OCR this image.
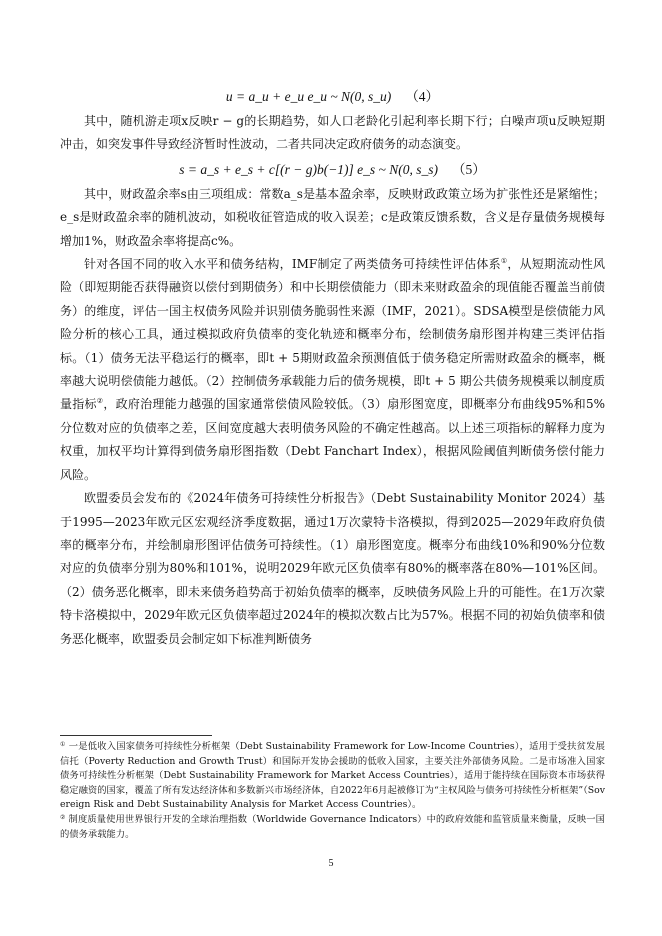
u = a_u + e_u e_u ~ N(0, s_u) （4）

其中，随机游走项x反映r − g的长期趋势，如人口老龄化引起利率长期下行；白噪声项u反映短期冲击，如突发事件导致经济暂时性波动，二者共同决定政府债务的动态演变。

s = a_s + e_s + c[(r − g)b(−1)] e_s ~ N(0, s_s) （5）

其中，财政盈余率s由三项组成：常数a_s是基本盈余率，反映财政政策立场为扩张性还是紧缩性；e_s是财政盈余率的随机波动，如税收征管造成的收入误差；c是政策反馈系数，含义是存量债务规模每增加1%，财政盈余率将提高c%。

针对各国不同的收入水平和债务结构，IMF制定了两类债务可持续性评估体系①，从短期流动性风险（即短期能否获得融资以偿付到期债务）和中长期偿债能力（即未来财政盈余的现值能否覆盖当前债务）的维度，评估一国主权债务风险并识别债务脆弱性来源（IMF，2021）。SDSA模型是偿债能力风险分析的核心工具，通过模拟政府负债率的变化轨迹和概率分布，绘制债务扇形图并构建三类评估指标。（1）债务无法平稳运行的概率，即t + 5期财政盈余预测值低于债务稳定所需财政盈余的概率，概率越大说明偿债能力越低。（2）控制债务承载能力后的债务规模，即t + 5 期公共债务规模乘以制度质量指标②，政府治理能力越强的国家通常偿债风险较低。（3）扇形图宽度，即概率分布曲线95%和5%分位数对应的负债率之差，区间宽度越大表明债务风险的不确定性越高。以上述三项指标的解释力度为权重，加权平均计算得到债务扇形图指数（Debt Fanchart Index），根据风险阈值判断债务偿付能力风险。

欧盟委员会发布的《2024年债务可持续性分析报告》（Debt Sustainability Monitor 2024）基于1995—2023年欧元区宏观经济季度数据，通过1万次蒙特卡洛模拟，得到2025—2029年政府负债率的概率分布，并绘制扇形图评估债务可持续性。（1）扇形图宽度。概率分布曲线10%和90%分位数对应的负债率分别为80%和101%，说明2029年欧元区负债率有80%的概率落在80%—101%区间。（2）债务恶化概率，即未来债务趋势高于初始负债率的概率，反映债务风险上升的可能性。在1万次蒙特卡洛模拟中，2029年欧元区负债率超过2024年的模拟次数占比为57%。根据不同的初始负债率和债务恶化概率，欧盟委员会制定如下标准判断债务

① 一是低收入国家债务可持续性分析框架（Debt Sustainability Framework for Low-Income Countries），适用于受扶贫发展信托（Poverty Reduction and Growth Trust）和国际开发协会援助的低收入国家，主要关注外部债务风险。二是市场准入国家债务可持续性分析框架（Debt Sustainability Framework for Market Access Countries），适用于能持续在国际资本市场获得稳定融资的国家，覆盖了所有发达经济体和多数新兴市场经济体，自2022年6月起被修订为“主权风险与债务可持续性分析框架”（Sovereign Risk and Debt Sustainability Analysis for Market Access Countries）。

② 制度质量使用世界银行开发的全球治理指数（Worldwide Governance Indicators）中的政府效能和监管质量来衡量，反映一国的债务承载能力。

5
